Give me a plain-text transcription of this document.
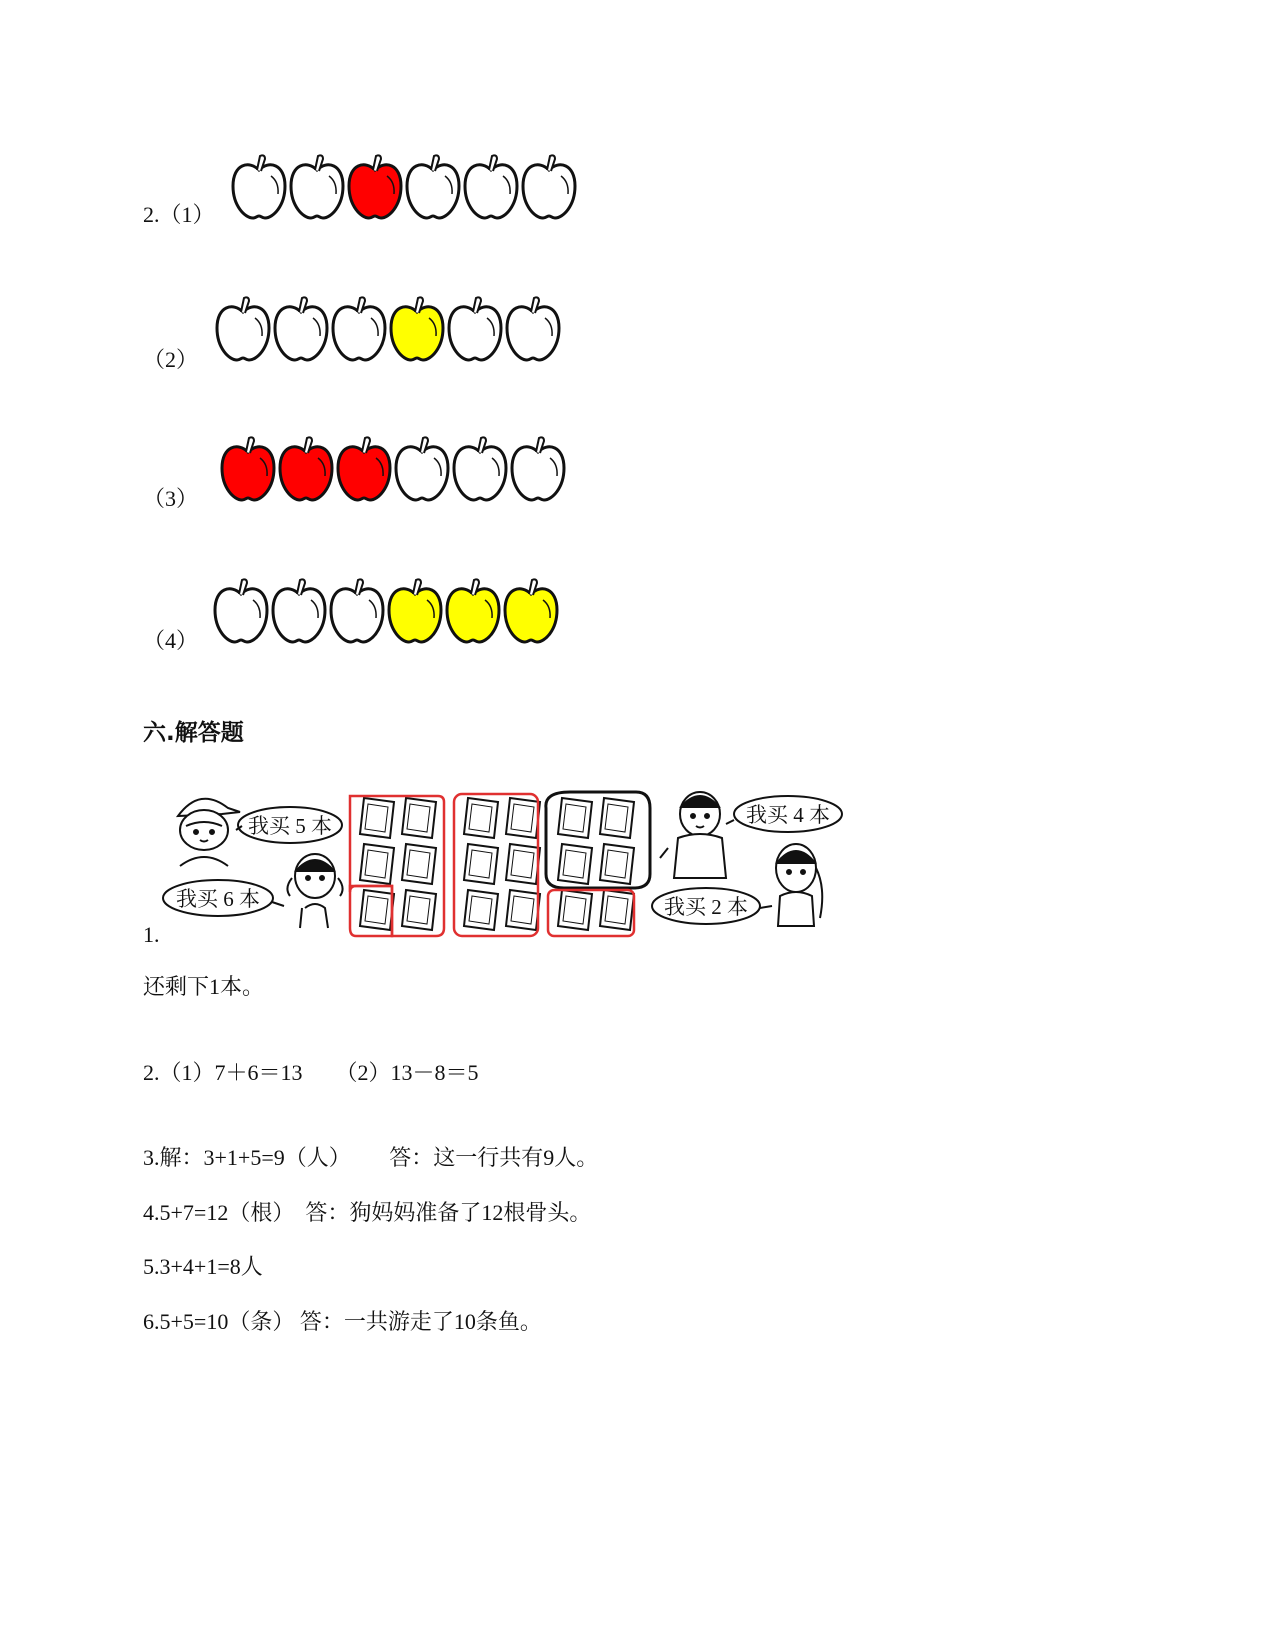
2.（1）
（2）
（3）
（4）
六.解答题
我买 5 本
我买 6 本
我买 4 本
我买 2 本
1.
还剩下1本。
2.（1）7＋6＝13　　（2）13－8＝5
3.解：3+1+5=9（人）　　 答：这一行共有9人。
4.5+7=12（根）　答：狗妈妈准备了12根骨头。
5.3+4+1=8人
6.5+5=10（条） 答：一共游走了10条鱼。
